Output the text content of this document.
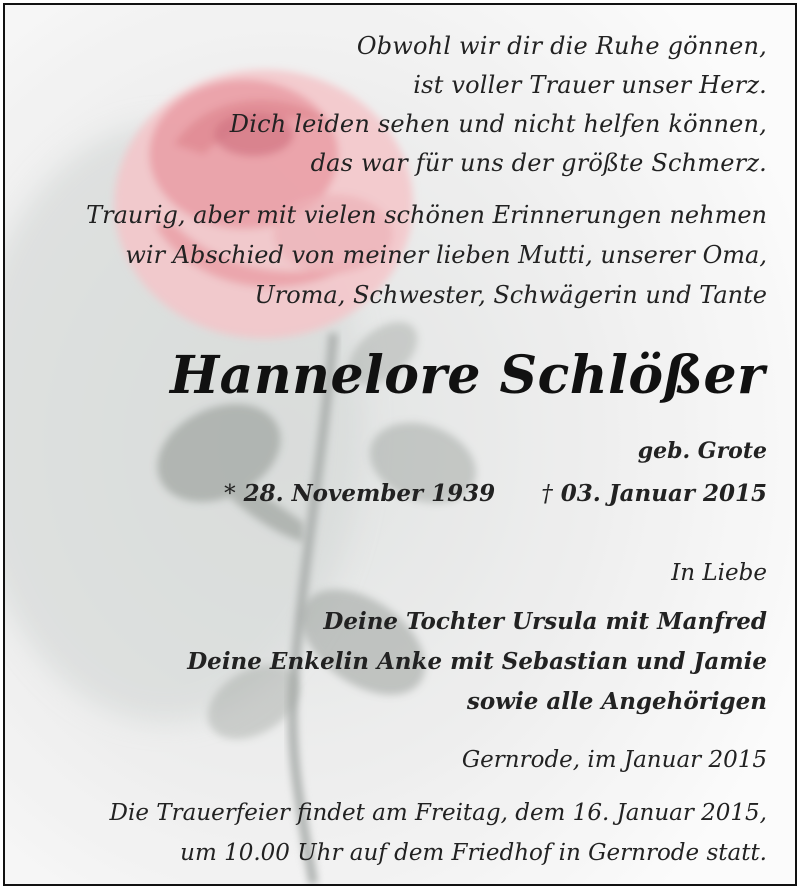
Obwohl wir dir die Ruhe gönnen,
ist voller Trauer unser Herz.
Dich leiden sehen und nicht helfen können,
das war für uns der größte Schmerz.
Traurig, aber mit vielen schönen Erinnerungen nehmen
wir Abschied von meiner lieben Mutti, unserer Oma,
Uroma, Schwester, Schwägerin und Tante
Hannelore Schlößer
geb. Grote
* 28. November 1939 † 03. Januar 2015
In Liebe
Deine Tochter Ursula mit Manfred
Deine Enkelin Anke mit Sebastian und Jamie
sowie alle Angehörigen
Gernrode, im Januar 2015
Die Trauerfeier findet am Freitag, dem 16. Januar 2015,
um 10.00 Uhr auf dem Friedhof in Gernrode statt.
